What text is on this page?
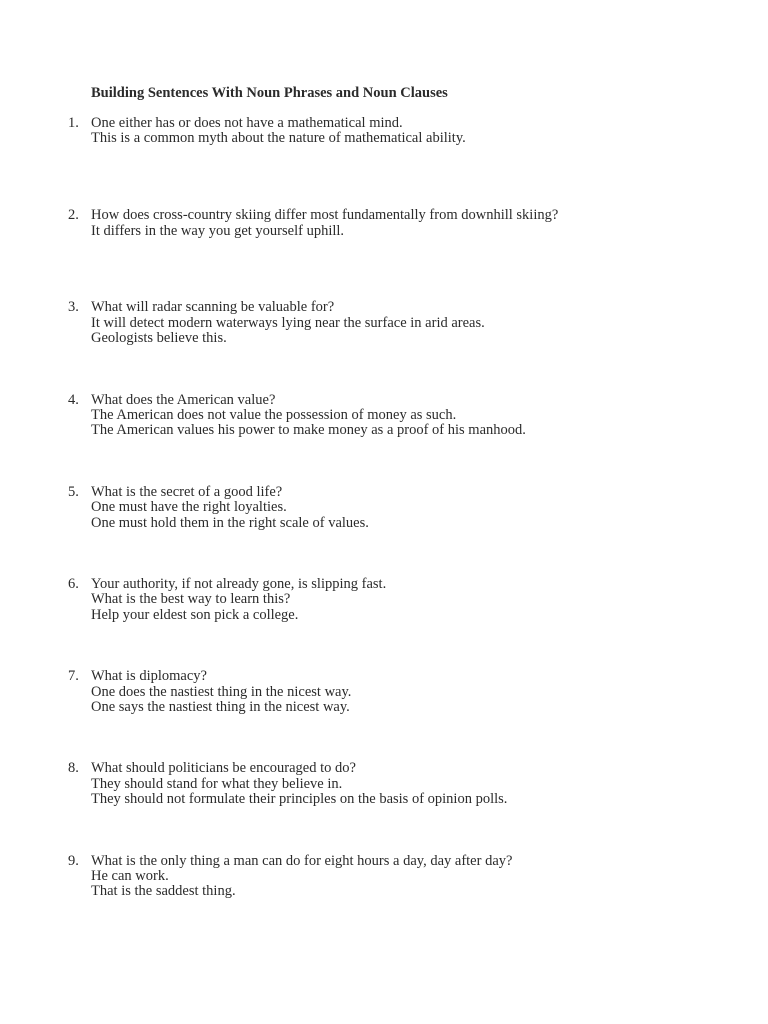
Building Sentences With Noun Phrases and Noun Clauses
1. One either has or does not have a mathematical mind.
This is a common myth about the nature of mathematical ability.
2. How does cross-country skiing differ most fundamentally from downhill skiing?
It differs in the way you get yourself uphill.
3. What will radar scanning be valuable for?
It will detect modern waterways lying near the surface in arid areas.
Geologists believe this.
4. What does the American value?
The American does not value the possession of money as such.
The American values his power to make money as a proof of his manhood.
5. What is the secret of a good life?
One must have the right loyalties.
One must hold them in the right scale of values.
6. Your authority, if not already gone, is slipping fast.
What is the best way to learn this?
Help your eldest son pick a college.
7. What is diplomacy?
One does the nastiest thing in the nicest way.
One says the nastiest thing in the nicest way.
8. What should politicians be encouraged to do?
They should stand for what they believe in.
They should not formulate their principles on the basis of opinion polls.
9. What is the only thing a man can do for eight hours a day, day after day?
He can work.
That is the saddest thing.
